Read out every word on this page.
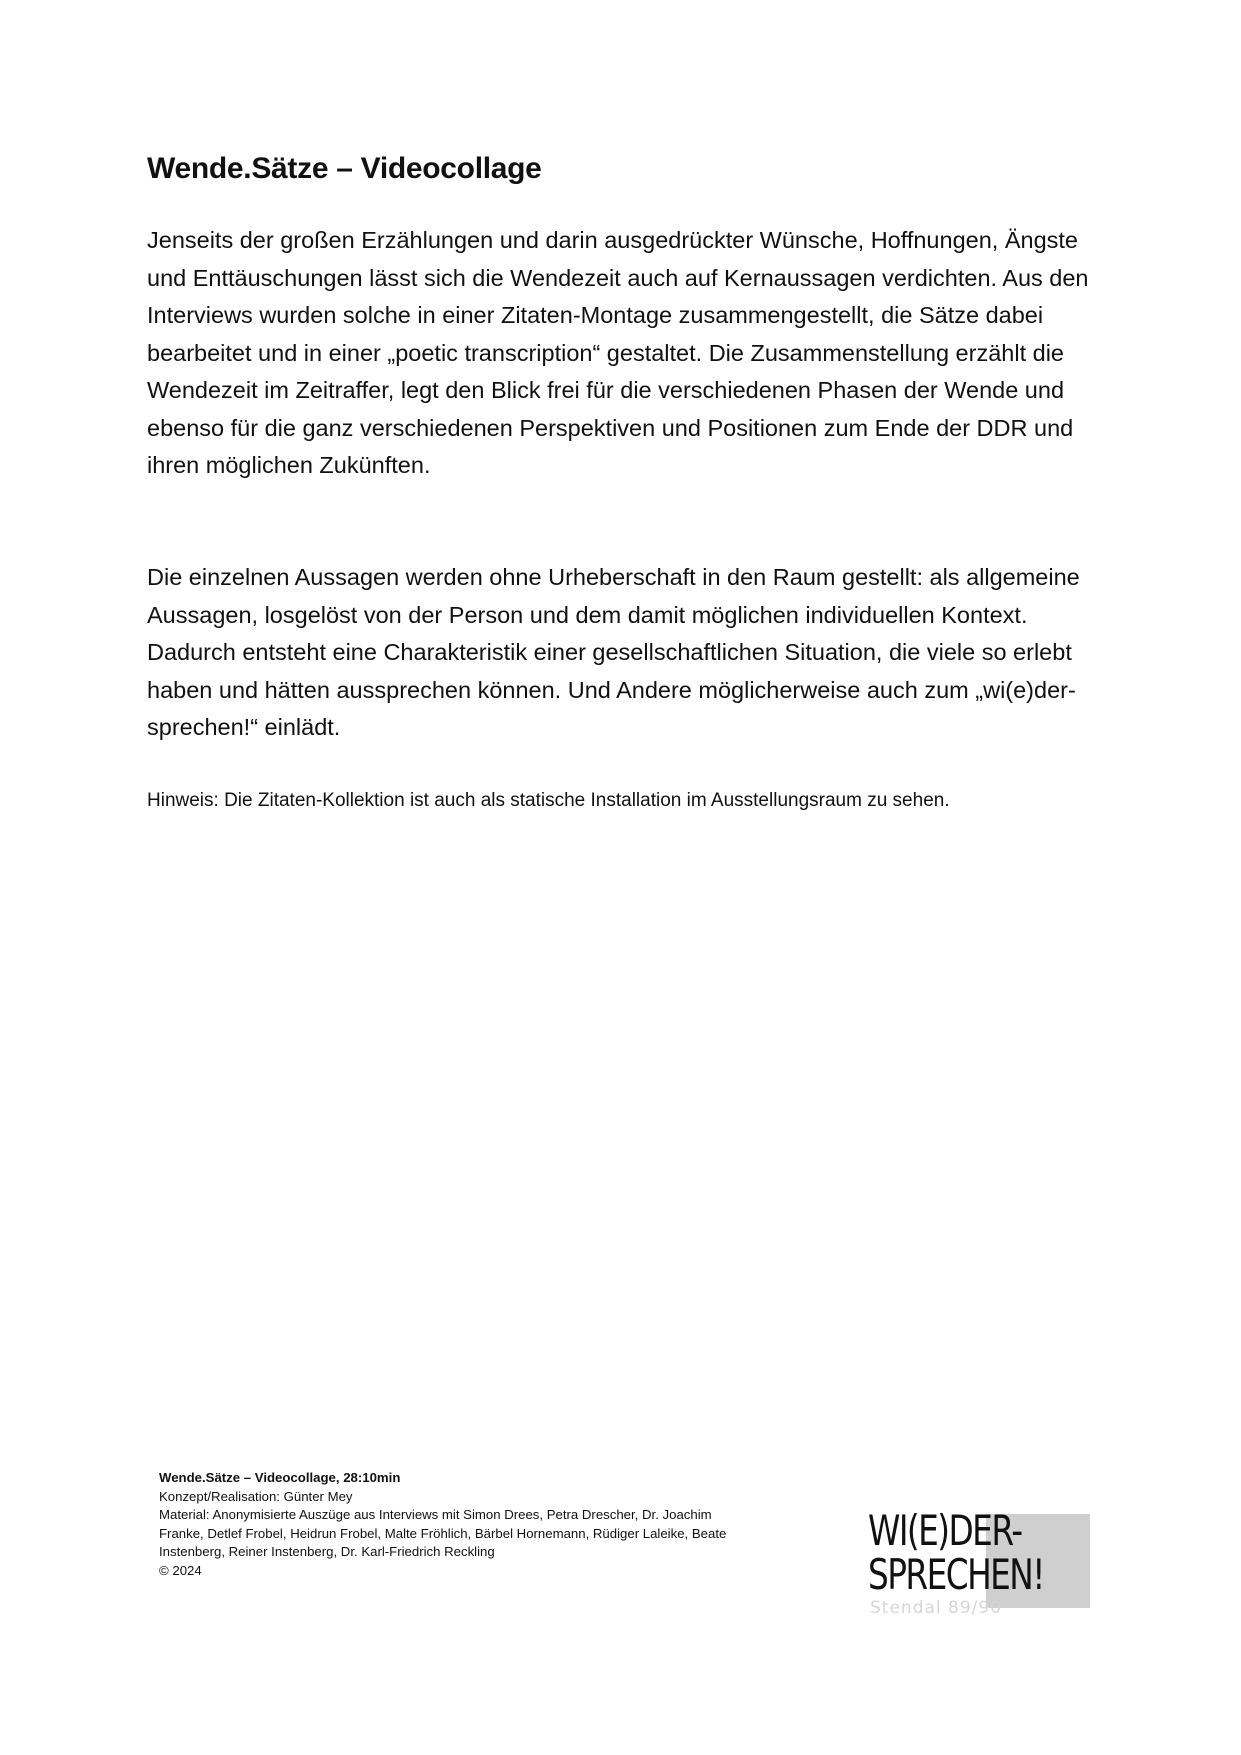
Wende.Sätze – Videocollage

Jenseits der großen Erzählungen und darin ausgedrückter Wünsche, Hoffnungen, Ängste und Enttäuschungen lässt sich die Wendezeit auch auf Kernaussagen verdichten. Aus den Interviews wurden solche in einer Zitaten-Montage zusammengestellt, die Sätze dabei bearbeitet und in einer „poetic transcription“ gestaltet. Die Zusammenstellung erzählt die Wendezeit im Zeitraffer, legt den Blick frei für die verschiedenen Phasen der Wende und ebenso für die ganz verschiedenen Perspektiven und Positionen zum Ende der DDR und ihren möglichen Zukünften.

Die einzelnen Aussagen werden ohne Urheberschaft in den Raum gestellt: als allgemeine Aussagen, losgelöst von der Person und dem damit möglichen individuellen Kontext. Dadurch entsteht eine Charakteristik einer gesellschaftlichen Situation, die viele so erlebt haben und hätten aussprechen können. Und Andere möglicherweise auch zum „wi(e)der-sprechen!“ einlädt.

Hinweis: Die Zitaten-Kollektion ist auch als statische Installation im Ausstellungsraum zu sehen.

Wende.Sätze – Videocollage, 28:10min
Konzept/Realisation: Günter Mey
Material: Anonymisierte Auszüge aus Interviews mit Simon Drees, Petra Drescher, Dr. Joachim Franke, Detlef Frobel, Heidrun Frobel, Malte Fröhlich, Bärbel Hornemann, Rüdiger Laleike, Beate Instenberg, Reiner Instenberg, Dr. Karl-Friedrich Reckling
© 2024
WI(E)DER-
SPRECHEN!
Stendal 89/90
